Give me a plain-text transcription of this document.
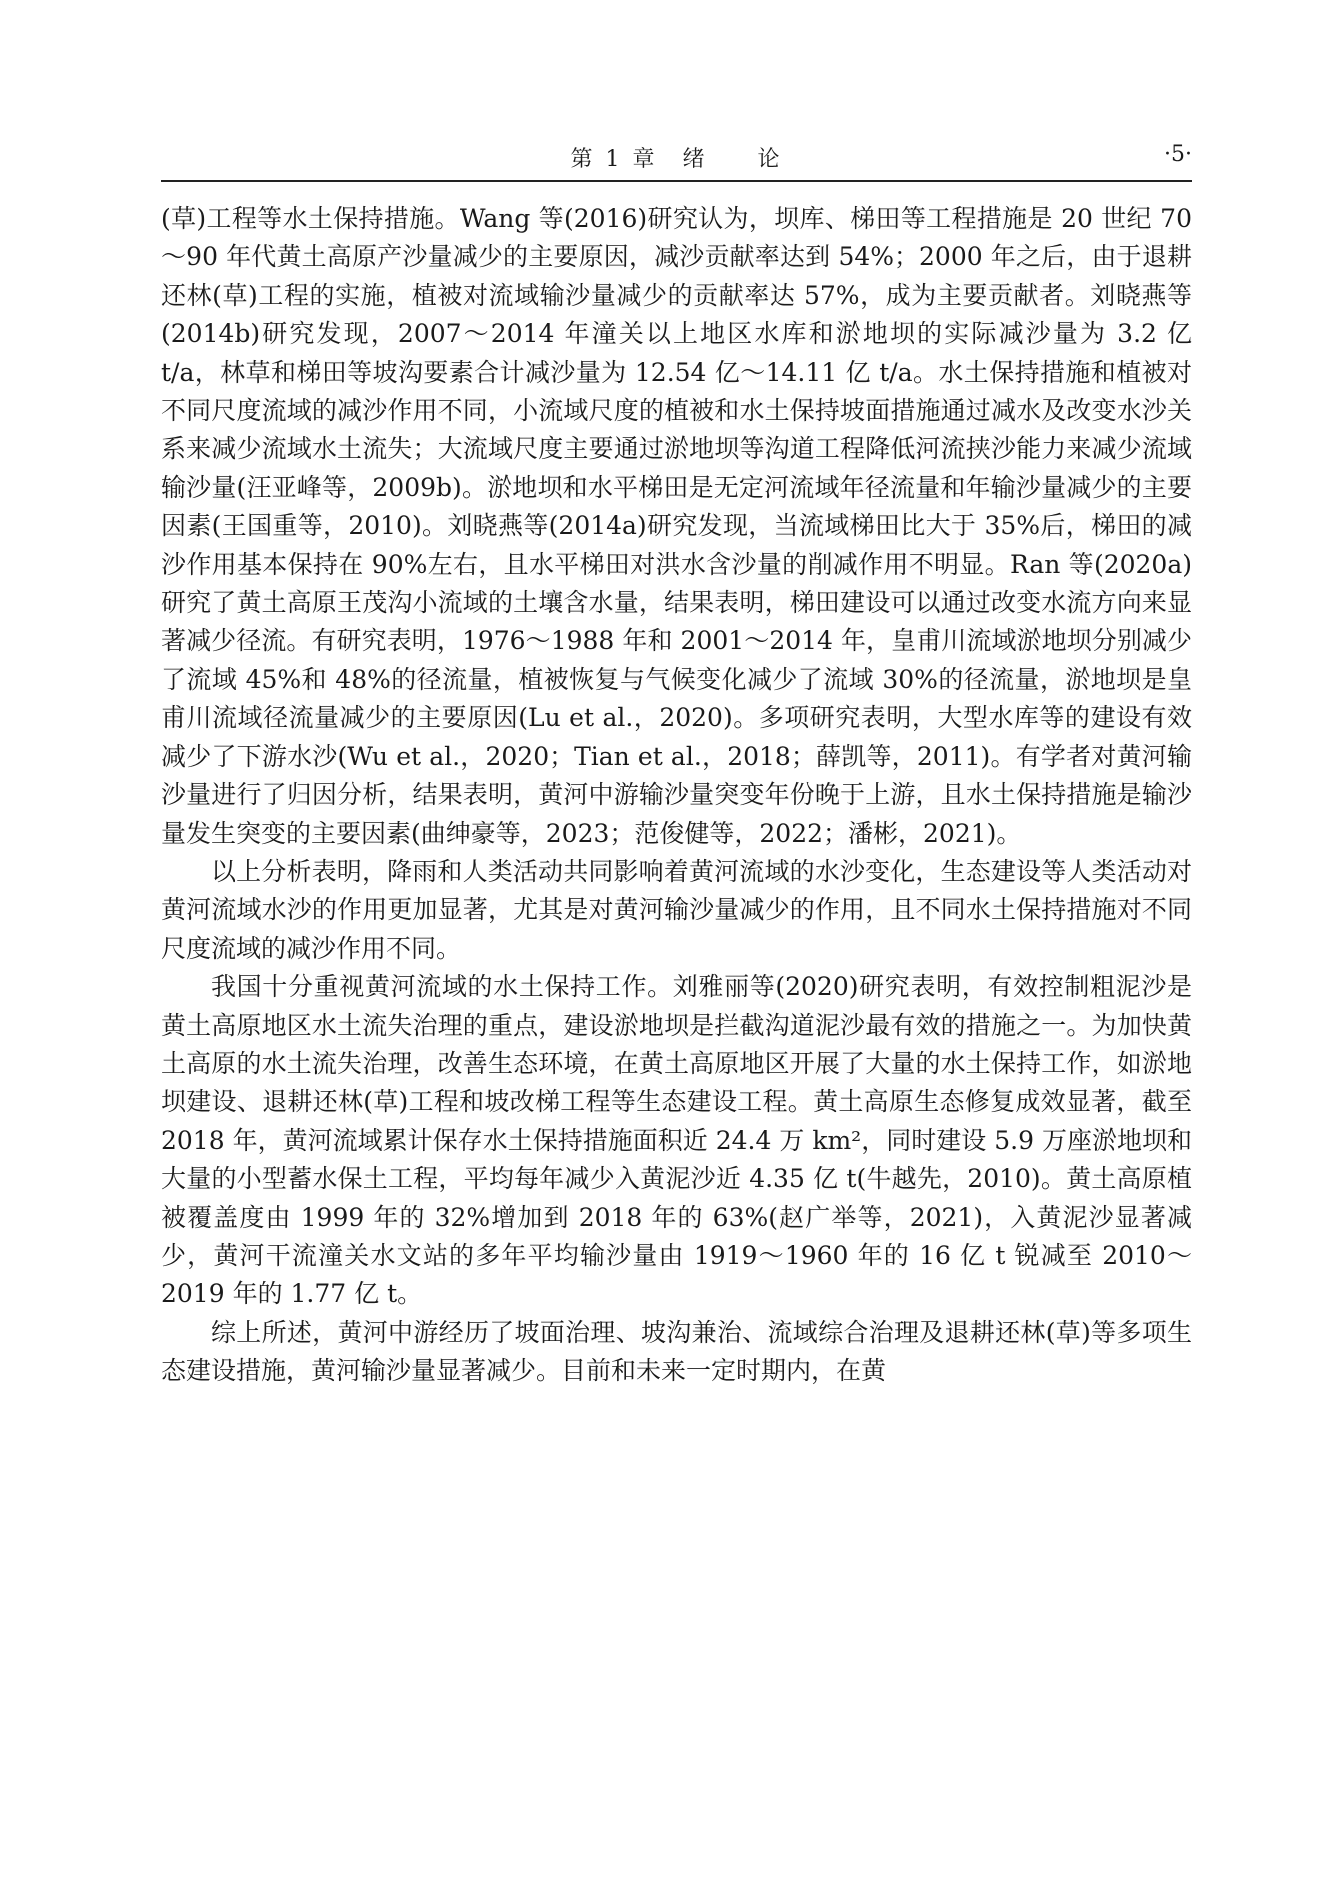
第 1 章　绪　　论	·5·

(草)工程等水土保持措施。Wang 等(2016)研究认为，坝库、梯田等工程措施是 20 世纪 70～90 年代黄土高原产沙量减少的主要原因，减沙贡献率达到 54%；2000 年之后，由于退耕还林(草)工程的实施，植被对流域输沙量减少的贡献率达 57%，成为主要贡献者。刘晓燕等(2014b)研究发现，2007～2014 年潼关以上地区水库和淤地坝的实际减沙量为 3.2 亿 t/a，林草和梯田等坡沟要素合计减沙量为 12.54 亿～14.11 亿 t/a。水土保持措施和植被对不同尺度流域的减沙作用不同，小流域尺度的植被和水土保持坡面措施通过减水及改变水沙关系来减少流域水土流失；大流域尺度主要通过淤地坝等沟道工程降低河流挟沙能力来减少流域输沙量(汪亚峰等，2009b)。淤地坝和水平梯田是无定河流域年径流量和年输沙量减少的主要因素(王国重等，2010)。刘晓燕等(2014a)研究发现，当流域梯田比大于 35%后，梯田的减沙作用基本保持在 90%左右，且水平梯田对洪水含沙量的削减作用不明显。Ran 等(2020a)研究了黄土高原王茂沟小流域的土壤含水量，结果表明，梯田建设可以通过改变水流方向来显著减少径流。有研究表明，1976～1988 年和 2001～2014 年，皇甫川流域淤地坝分别减少了流域 45%和 48%的径流量，植被恢复与气候变化减少了流域 30%的径流量，淤地坝是皇甫川流域径流量减少的主要原因(Lu et al.，2020)。多项研究表明，大型水库等的建设有效减少了下游水沙(Wu et al.，2020；Tian et al.，2018；薛凯等，2011)。有学者对黄河输沙量进行了归因分析，结果表明，黄河中游输沙量突变年份晚于上游，且水土保持措施是输沙量发生突变的主要因素(曲绅豪等，2023；范俊健等，2022；潘彬，2021)。

以上分析表明，降雨和人类活动共同影响着黄河流域的水沙变化，生态建设等人类活动对黄河流域水沙的作用更加显著，尤其是对黄河输沙量减少的作用，且不同水土保持措施对不同尺度流域的减沙作用不同。

我国十分重视黄河流域的水土保持工作。刘雅丽等(2020)研究表明，有效控制粗泥沙是黄土高原地区水土流失治理的重点，建设淤地坝是拦截沟道泥沙最有效的措施之一。为加快黄土高原的水土流失治理，改善生态环境，在黄土高原地区开展了大量的水土保持工作，如淤地坝建设、退耕还林(草)工程和坡改梯工程等生态建设工程。黄土高原生态修复成效显著，截至 2018 年，黄河流域累计保存水土保持措施面积近 24.4 万 km²，同时建设 5.9 万座淤地坝和大量的小型蓄水保土工程，平均每年减少入黄泥沙近 4.35 亿 t(牛越先，2010)。黄土高原植被覆盖度由 1999 年的 32%增加到 2018 年的 63%(赵广举等，2021)，入黄泥沙显著减少，黄河干流潼关水文站的多年平均输沙量由 1919～1960 年的 16 亿 t 锐减至 2010～2019 年的 1.77 亿 t。

综上所述，黄河中游经历了坡面治理、坡沟兼治、流域综合治理及退耕还林(草)等多项生态建设措施，黄河输沙量显著减少。目前和未来一定时期内，在黄
